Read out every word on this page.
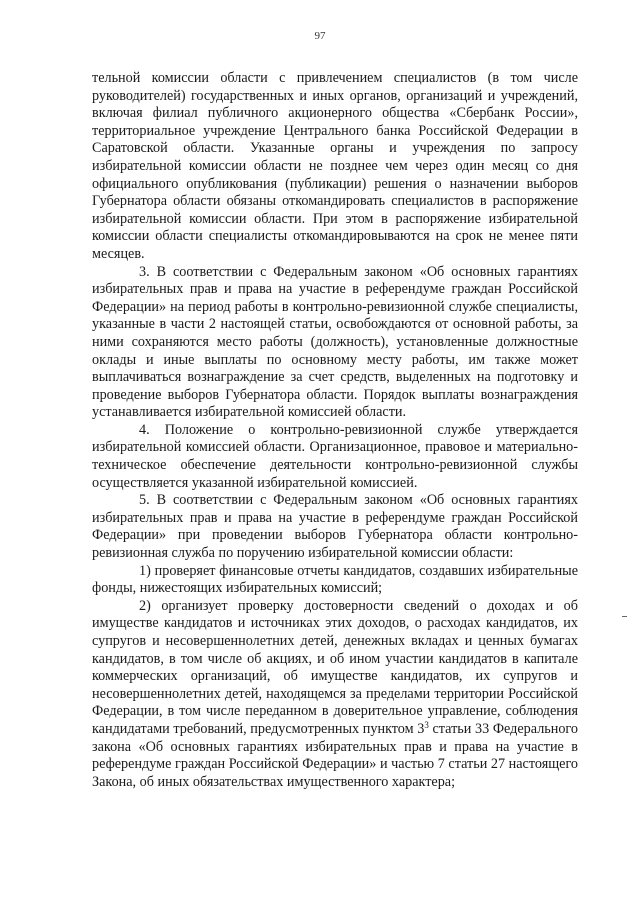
97

тельной комиссии области с привлечением специалистов (в том числе руководителей) государственных и иных органов, организаций и учреждений, включая филиал публичного акционерного общества «Сбербанк России», территориальное учреждение Центрального банка Российской Федерации в Саратовской области. Указанные органы и учреждения по запросу избирательной комиссии области не позднее чем через один месяц со дня официального опубликования (публикации) решения о назначении выборов Губернатора области обязаны откомандировать специалистов в распоряжение избирательной комиссии области. При этом в распоряжение избирательной комиссии области специалисты откомандировываются на срок не менее пяти месяцев.

3. В соответствии с Федеральным законом «Об основных гарантиях избирательных прав и права на участие в референдуме граждан Российской Федерации» на период работы в контрольно-ревизионной службе специалисты, указанные в части 2 настоящей статьи, освобождаются от основной работы, за ними сохраняются место работы (должность), установленные должностные оклады и иные выплаты по основному месту работы, им также может выплачиваться вознаграждение за счет средств, выделенных на подготовку и проведение выборов Губернатора области. Порядок выплаты вознаграждения устанавливается избирательной комиссией области.

4. Положение о контрольно-ревизионной службе утверждается избирательной комиссией области. Организационное, правовое и материально-техническое обеспечение деятельности контрольно-ревизионной службы осуществляется указанной избирательной комиссией.

5. В соответствии с Федеральным законом «Об основных гарантиях избирательных прав и права на участие в референдуме граждан Российской Федерации» при проведении выборов Губернатора области контрольно-ревизионная служба по поручению избирательной комиссии области:

1) проверяет финансовые отчеты кандидатов, создавших избирательные фонды, нижестоящих избирательных комиссий;

2) организует проверку достоверности сведений о доходах и об имуществе кандидатов и источниках этих доходов, о расходах кандидатов, их супругов и несовершеннолетних детей, денежных вкладах и ценных бумагах кандидатов, в том числе об акциях, и об ином участии кандидатов в капитале коммерческих организаций, об имуществе кандидатов, их супругов и несовершеннолетних детей, находящемся за пределами территории Российской Федерации, в том числе переданном в доверительное управление, соблюдения кандидатами требований, предусмотренных пунктом $3^3$ статьи 33 Федерального закона «Об основных гарантиях избирательных прав и права на участие в референдуме граждан Российской Федерации» и частью 7 статьи 27 настоящего Закона, об иных обязательствах имущественного характера;
